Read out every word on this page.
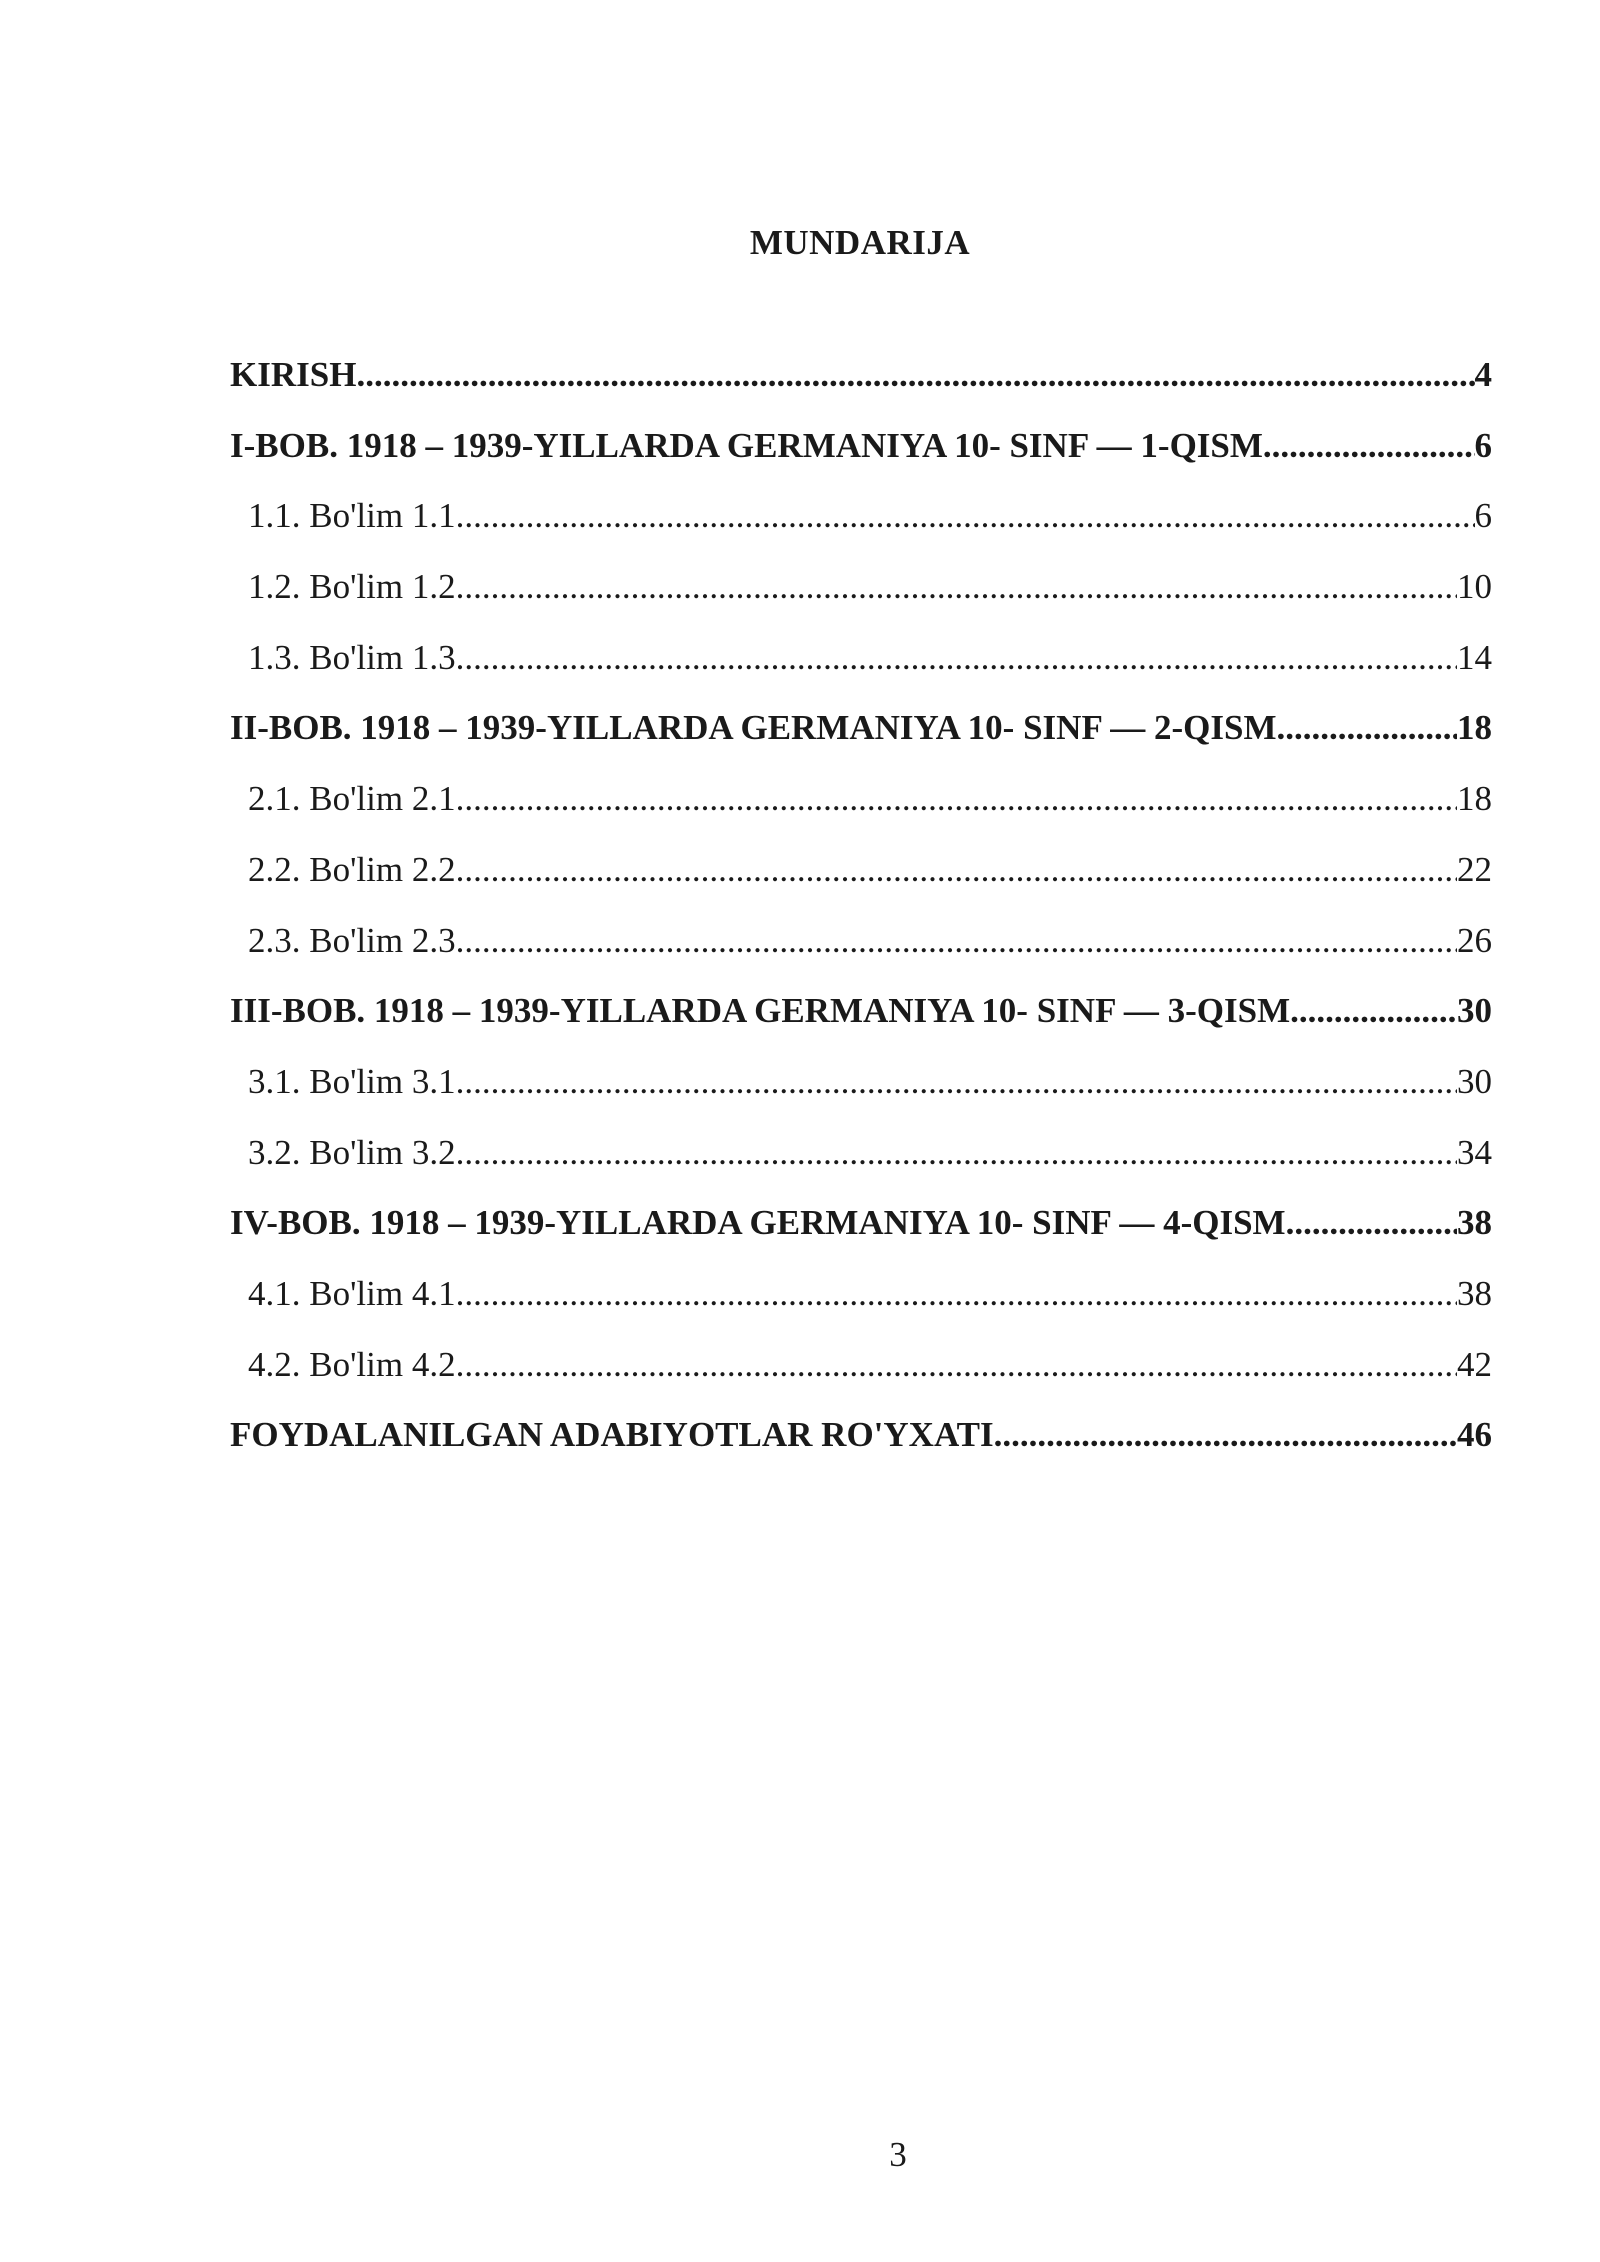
MUNDARIJA
KIRISH .....	4
I-BOB. 1918 – 1939-YILLARDA GERMANIYA 10- SINF — 1-QISM .....	6
1.1. Bo'lim 1.1 .....	6
1.2. Bo'lim 1.2 .....	10
1.3. Bo'lim 1.3 .....	14
II-BOB. 1918 – 1939-YILLARDA GERMANIYA 10- SINF — 2-QISM .....	18
2.1. Bo'lim 2.1 .....	18
2.2. Bo'lim 2.2 .....	22
2.3. Bo'lim 2.3 .....	26
III-BOB. 1918 – 1939-YILLARDA GERMANIYA 10- SINF — 3-QISM .....	30
3.1. Bo'lim 3.1 .....	30
3.2. Bo'lim 3.2 .....	34
IV-BOB. 1918 – 1939-YILLARDA GERMANIYA 10- SINF — 4-QISM .....	38
4.1. Bo'lim 4.1 .....	38
4.2. Bo'lim 4.2 .....	42
FOYDALANILGAN ADABIYOTLAR RO'YXATI .....	46
3
